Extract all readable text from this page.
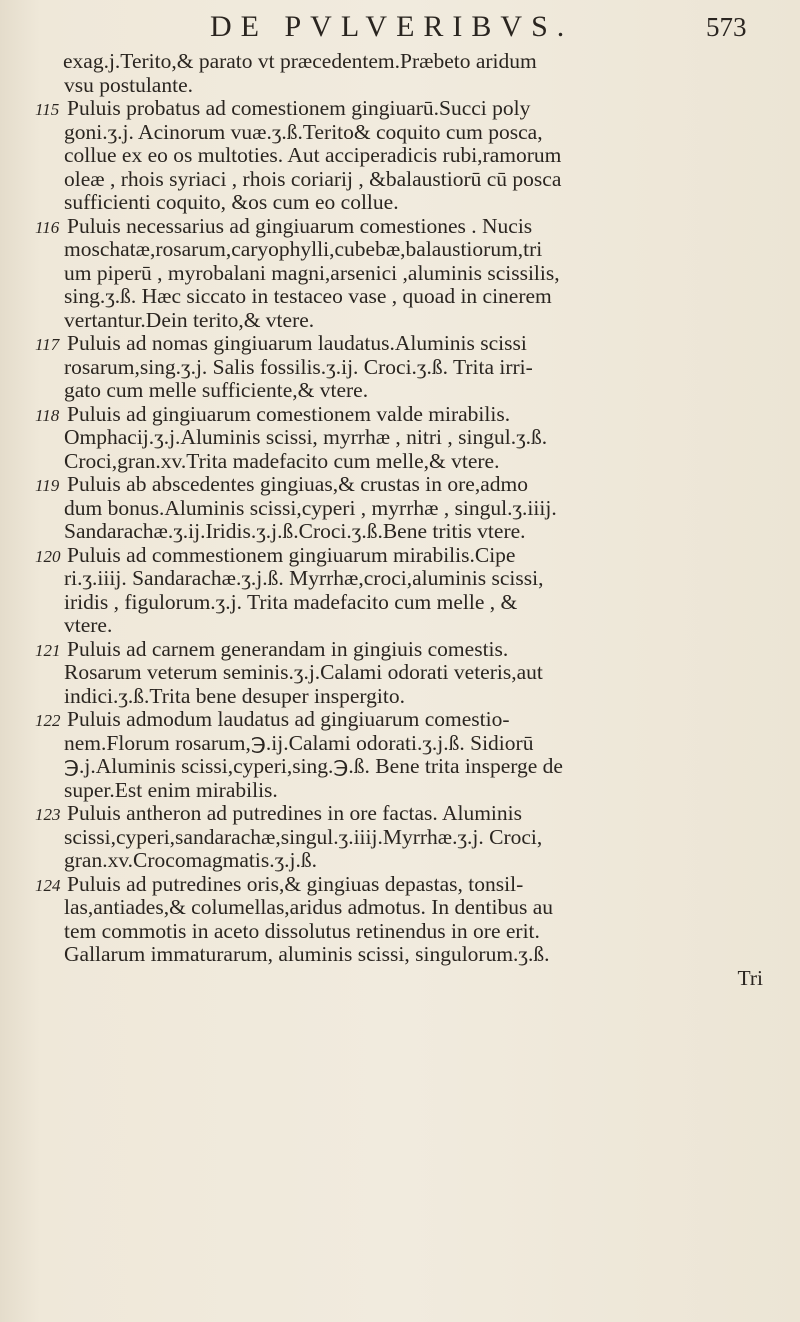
DE PVLVERIBVS.	573
exag.j.Terito,& parato vt præcedentem.Præbeto aridum
vsu postulante.
115 Puluis probatus ad comestionem gingiuarū.Succi poly
goni.ʒ.j. Acinorum vuæ.ʒ.ß.Terito& coquito cum posca,
collue ex eo os multoties. Aut acciperadicis rubi,ramorum
oleæ , rhois syriaci , rhois coriarij , &balaustiorū cū posca
sufficienti coquito, &os cum eo collue.
116 Puluis necessarius ad gingiuarum comestiones . Nucis
moschatæ,rosarum,caryophylli,cubebæ,balaustiorum,tri
um piperū , myrobalani magni,arsenici ,aluminis scissilis,
sing.ʒ.ß. Hæc siccato in testaceo vase , quoad in cinerem
vertantur.Dein terito,& vtere.
117 Puluis ad nomas gingiuarum laudatus.Aluminis scissi
rosarum,sing.ʒ.j. Salis fossilis.ʒ.ij. Croci.ʒ.ß. Trita irri-
gato cum melle sufficiente,& vtere.
118 Puluis ad gingiuarum comestionem valde mirabilis.
Omphacij.ʒ.j.Aluminis scissi, myrrhæ , nitri , singul.ʒ.ß.
Croci,gran.xv.Trita madefacito cum melle,& vtere.
119 Puluis ab abscedentes gingiuas,& crustas in ore,admo
dum bonus.Aluminis scissi,cyperi , myrrhæ , singul.ʒ.iiij.
Sandarachæ.ʒ.ij.Iridis.ʒ.j.ß.Croci.ʒ.ß.Bene tritis vtere.
120 Puluis ad commestionem gingiuarum mirabilis.Cipe
ri.ʒ.iiij. Sandarachæ.ʒ.j.ß. Myrrhæ,croci,aluminis scissi,
iridis , figulorum.ʒ.j. Trita madefacito cum melle , &
vtere.
121 Puluis ad carnem generandam in gingiuis comestis.
Rosarum veterum seminis.ʒ.j.Calami odorati veteris,aut
indici.ʒ.ß.Trita bene desuper inspergito.
122 Puluis admodum laudatus ad gingiuarum comestio-
nem.Florum rosarum,℈.ij.Calami odorati.ʒ.j.ß. Sidiorū
℈.j.Aluminis scissi,cyperi,sing.℈.ß. Bene trita insperge de
super.Est enim mirabilis.
123 Puluis antheron ad putredines in ore factas. Aluminis
scissi,cyperi,sandarachæ,singul.ʒ.iiij.Myrrhæ.ʒ.j. Croci,
gran.xv.Crocomagmatis.ʒ.j.ß.
124 Puluis ad putredines oris,& gingiuas depastas, tonsil-
las,antiades,& columellas,aridus admotus. In dentibus au
tem commotis in aceto dissolutus retinendus in ore erit.
Gallarum immaturarum, aluminis scissi, singulorum.ʒ.ß.
Tri
